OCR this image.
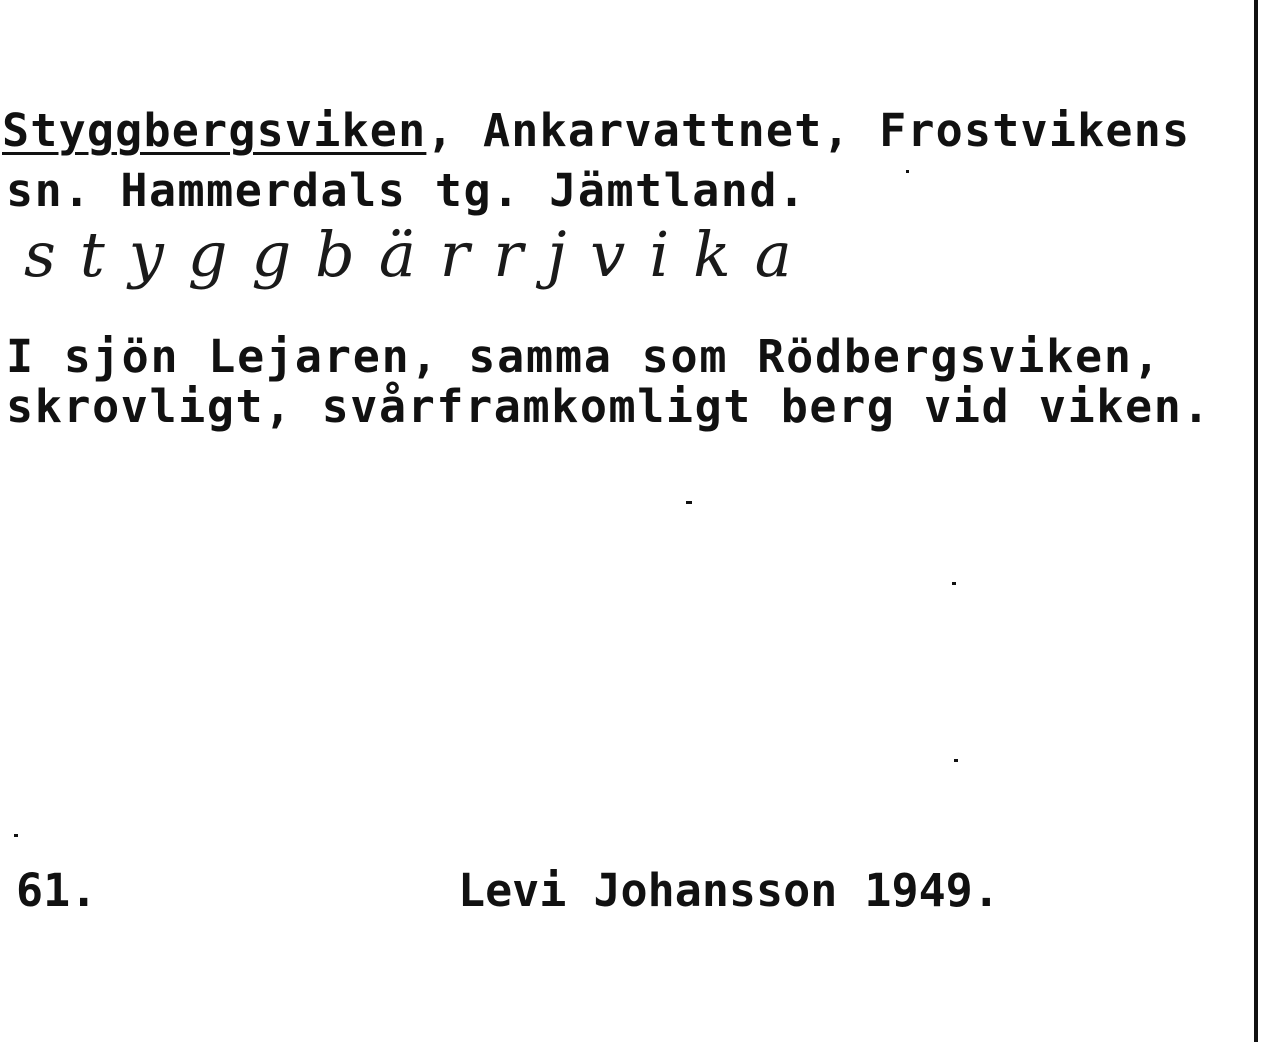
Styggbergsviken, Ankarvattnet, Frostvikens
sn. Hammerdals tg. Jämtland.
styggbärrjvika
I sjön Lejaren, samma som Rödbergsviken,
skrovligt, svårframkomligt berg vid viken.
61.	Levi Johansson 1949.
